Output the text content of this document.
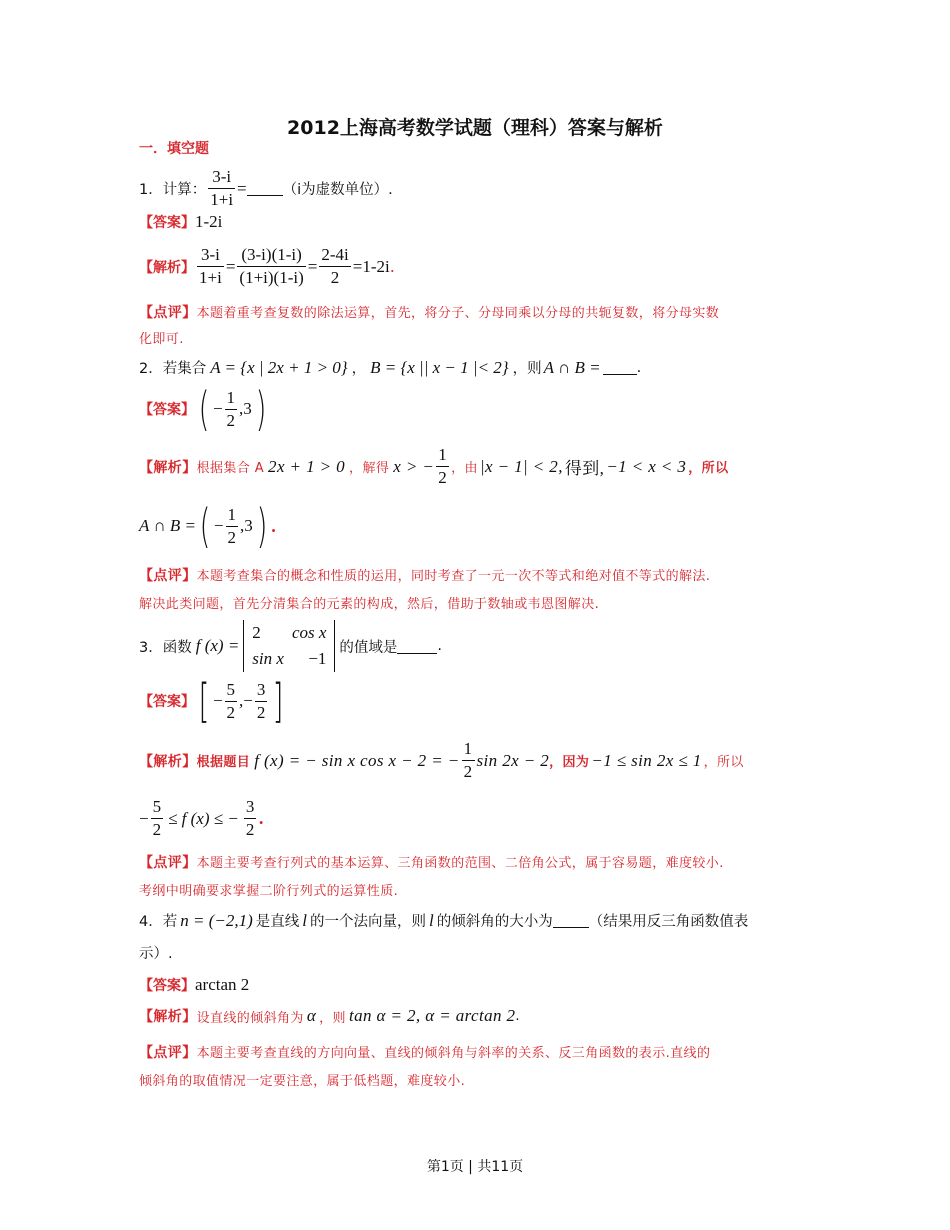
2012上海高考数学试题（理科）答案与解析
一．填空题
1．计算： $\frac{3-i}{1+i} = (i$为虚数单位）.
【答案】 1-2i
【解析】 $\frac{3-i}{1+i} = \frac{(3-i)(1-i)}{(1+i)(1-i)} = \frac{2-4i}{2} =1-2i$ .
【点评】本题着重考查复数的除法运算，首先，将分子、分母同乘以分母的共轭复数，将分母实数
化即可.
2．若集合 A = {x | 2x + 1 > 0} ， B = {x || x − 1 |< 2} ，则 A ∩ B = .
【答案】 ( − $\frac{1}{2}$ , 3 )
【解析】 根据集合 A 2x + 1 > 0 ，解得 x > − $\frac{1}{2}$ ，由 |x − 1| < 2, 得到, −1 < x < 3 ，所以
A ∩ B = ( − $\frac{1}{2}$ , 3 ) .
【点评】本题考查集合的概念和性质的运用，同时考查了一元一次不等式和绝对值不等式的解法.
解决此类问题，首先分清集合的元素的构成，然后，借助于数轴或韦恩图解决.
3．函数 f (x) =
2	cos x
sin x	−1
的值域是	.
【答案】 [ − $\frac{5}{2}$ ,− $\frac{3}{2}$ ]
【解析】 根据题目 f (x) = − sin x cos x − 2 = − $\frac{1}{2}$ sin 2x − 2 ，因为 −1 ≤ sin 2x ≤ 1 ，所以
− $\frac{5}{2} \le f$ (x) ≤ − $\frac{3}{2}$ .
【点评】本题主要考查行列式的基本运算、三角函数的范围、二倍角公式，属于容易题，难度较小.
考纲中明确要求掌握二阶行列式的运算性质.
4．若 n = (−2,1) 是直线 l 的一个法向量，则 l 的倾斜角的大小为 （结果用反三角函数值表
示）.
【答案】 arctan 2
【解析】 设直线的倾斜角为 α ，则 tan α = 2, α = arctan 2 .
【点评】本题主要考查直线的方向向量、直线的倾斜角与斜率的关系、反三角函数的表示.直线的
倾斜角的取值情况一定要注意，属于低档题，难度较小.
第1页 | 共11页
